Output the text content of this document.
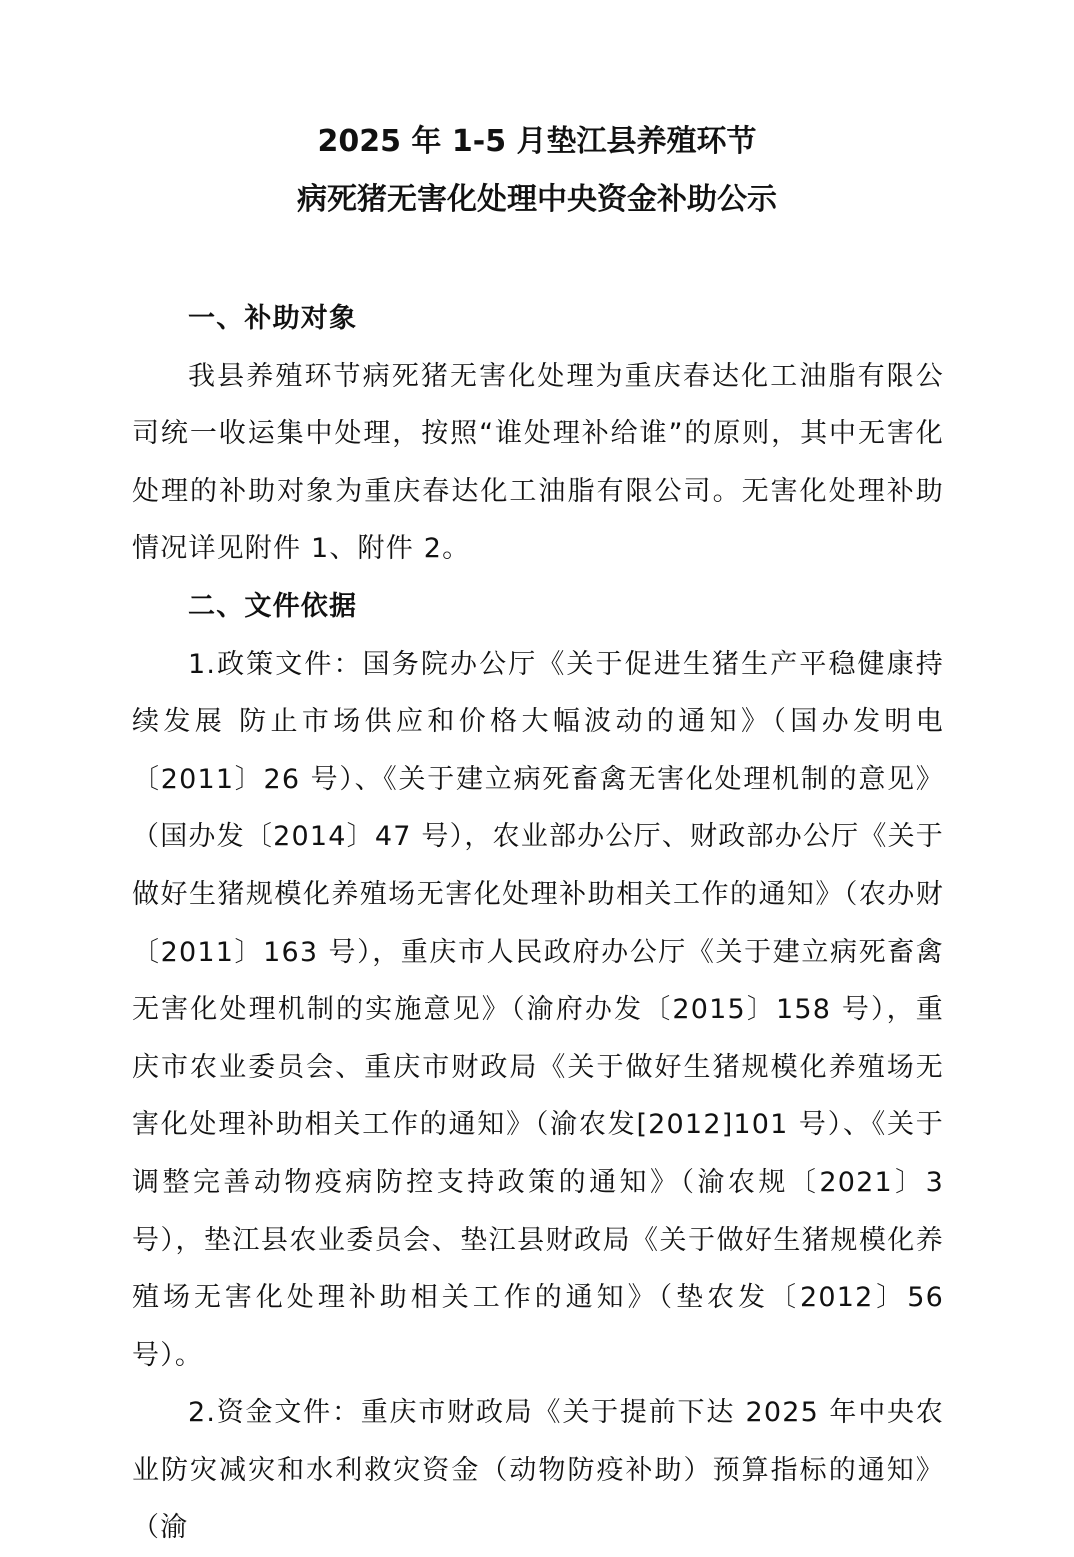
2025 年 1-5 月垫江县养殖环节
病死猪无害化处理中央资金补助公示

一、补助对象

我县养殖环节病死猪无害化处理为重庆春达化工油脂有限公司统一收运集中处理，按照“谁处理补给谁”的原则，其中无害化处理的补助对象为重庆春达化工油脂有限公司。无害化处理补助情况详见附件 1、附件 2。

二、文件依据

1.政策文件：国务院办公厅《关于促进生猪生产平稳健康持续发展 防止市场供应和价格大幅波动的通知》（国办发明电〔2011〕26 号）、《关于建立病死畜禽无害化处理机制的意见》（国办发〔2014〕47 号），农业部办公厅、财政部办公厅《关于做好生猪规模化养殖场无害化处理补助相关工作的通知》（农办财〔2011〕163 号），重庆市人民政府办公厅《关于建立病死畜禽无害化处理机制的实施意见》（渝府办发〔2015〕158 号），重庆市农业委员会、重庆市财政局《关于做好生猪规模化养殖场无害化处理补助相关工作的通知》（渝农发[2012]101 号）、《关于调整完善动物疫病防控支持政策的通知》（渝农规〔2021〕3 号），垫江县农业委员会、垫江县财政局《关于做好生猪规模化养殖场无害化处理补助相关工作的通知》（垫农发〔2012〕56 号）。

2.资金文件：重庆市财政局《关于提前下达 2025 年中央农业防灾减灾和水利救灾资金（动物防疫补助）预算指标的通知》（渝
